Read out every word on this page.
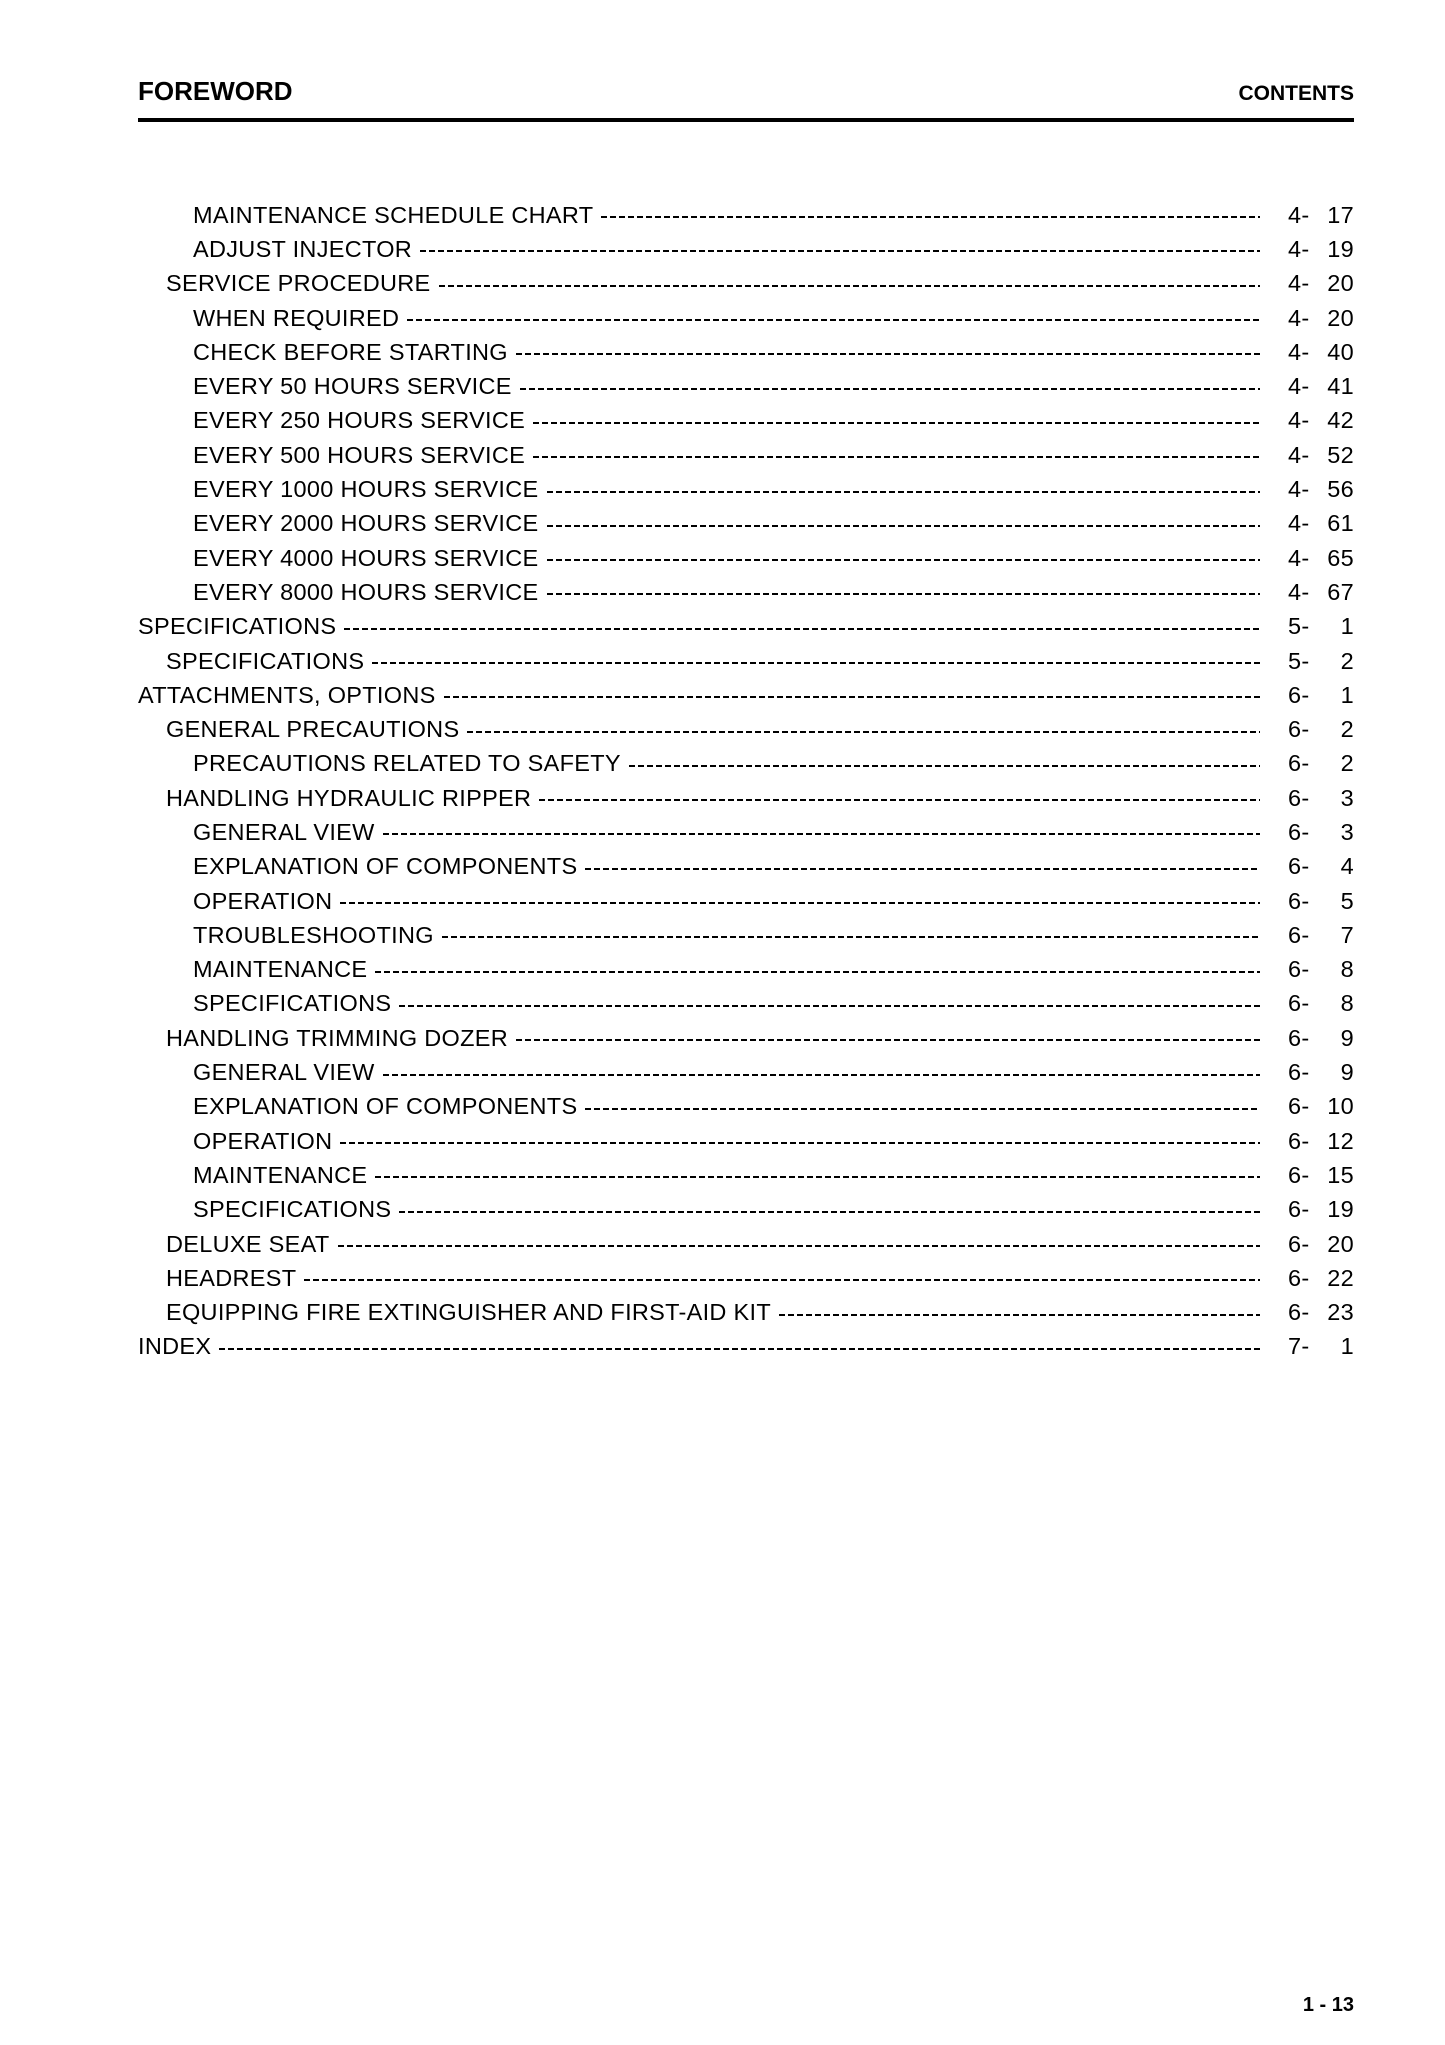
FOREWORD	CONTENTS
MAINTENANCE SCHEDULE CHART	4- 17
ADJUST INJECTOR	4- 19
SERVICE PROCEDURE	4- 20
WHEN REQUIRED	4- 20
CHECK BEFORE STARTING	4- 40
EVERY 50 HOURS SERVICE	4- 41
EVERY 250 HOURS SERVICE	4- 42
EVERY 500 HOURS SERVICE	4- 52
EVERY 1000 HOURS SERVICE	4- 56
EVERY 2000 HOURS SERVICE	4- 61
EVERY 4000 HOURS SERVICE	4- 65
EVERY 8000 HOURS SERVICE	4- 67
SPECIFICATIONS	5-	1
SPECIFICATIONS	5-	2
ATTACHMENTS, OPTIONS	6-	1
GENERAL PRECAUTIONS	6-	2
PRECAUTIONS RELATED TO SAFETY	6-	2
HANDLING HYDRAULIC RIPPER	6-	3
GENERAL VIEW	6-	3
EXPLANATION OF COMPONENTS	6-	4
OPERATION	6-	5
TROUBLESHOOTING	6-	7
MAINTENANCE	6-	8
SPECIFICATIONS	6-	8
HANDLING TRIMMING DOZER	6-	9
GENERAL VIEW	6-	9
EXPLANATION OF COMPONENTS	6- 10
OPERATION	6- 12
MAINTENANCE	6- 15
SPECIFICATIONS	6- 19
DELUXE SEAT	6- 20
HEADREST	6- 22
EQUIPPING FIRE EXTINGUISHER AND FIRST-AID KIT	6- 23
INDEX	7-	1
1 - 13
